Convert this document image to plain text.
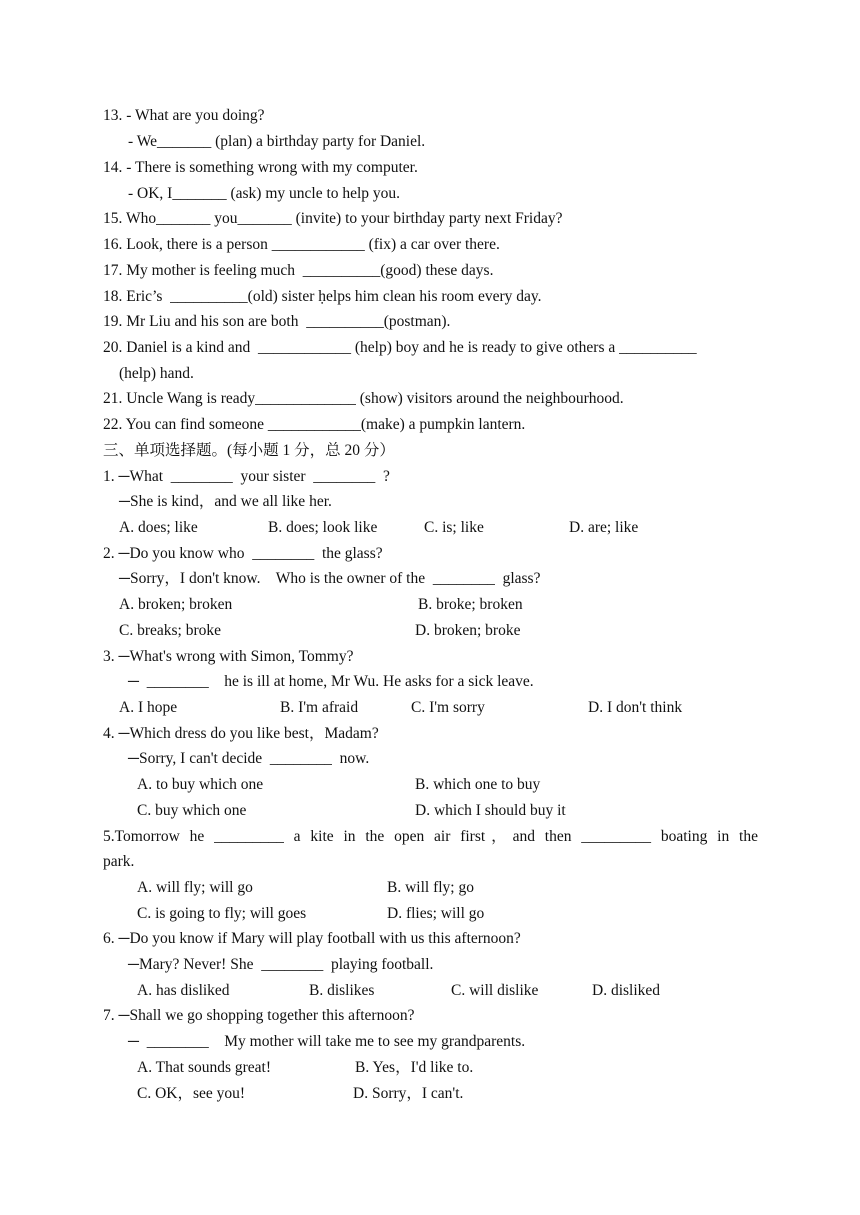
13. - What are you doing?
- We_______ (plan) a birthday party for Daniel.
14. - There is something wrong with my computer.
- OK, I_______ (ask) my uncle to help you.
15. Who_______ you_______ (invite) to your birthday party next Friday?
16. Look, there is a person ____________ (fix) a car over there.
17. My mother is feeling much  __________(good) these days.
18. Eric’s  __________(old) sister ḥelps him clean his room every day.
19. Mr Liu and his son are both  __________(postman).
20. Daniel is a kind and  ____________ (help) boy and he is ready to give others a __________
(help) hand.
21. Uncle Wang is ready_____________ (show) visitors around the neighbourhood.
22. You can find someone ____________(make) a pumpkin lantern.
三、单项选择题。(每小题 1 分，总 20 分）
1. ─What  ________  your sister  ________  ?
─She is kind，and we all like her.
A. does; like	B. does; look like	C. is; like	D. are; like
2. ─Do you know who  ________  the glass?
─Sorry，I don't know.    Who is the owner of the  ________  glass?
A. broken; broken	B. broke; broken
C. breaks; broke	D. broken; broke
3. ─What's wrong with Simon, Tommy?
─  ________    he is ill at home, Mr Wu. He asks for a sick leave.
A. I hope	B. I'm afraid	C. I'm sorry	D. I don't think
4. ─Which dress do you like best，Madam?
─Sorry, I can't decide  ________  now.
A. to buy which one	B. which one to buy
C. buy which one	D. which I should buy it
5.Tomorrow he _________ a kite in the open air first，and then _________ boating in the
park.
A. will fly; will go	B. will fly; go
C. is going to fly; will goes	D. flies; will go
6. ─Do you know if Mary will play football with us this afternoon?
─Mary? Never! She  ________  playing football.
A. has disliked	B. dislikes	C. will dislike	D. disliked
7. ─Shall we go shopping together this afternoon?
─  ________    My mother will take me to see my grandparents.
A. That sounds great!	B. Yes，I'd like to.
C. OK，see you!	D. Sorry，I can't.
